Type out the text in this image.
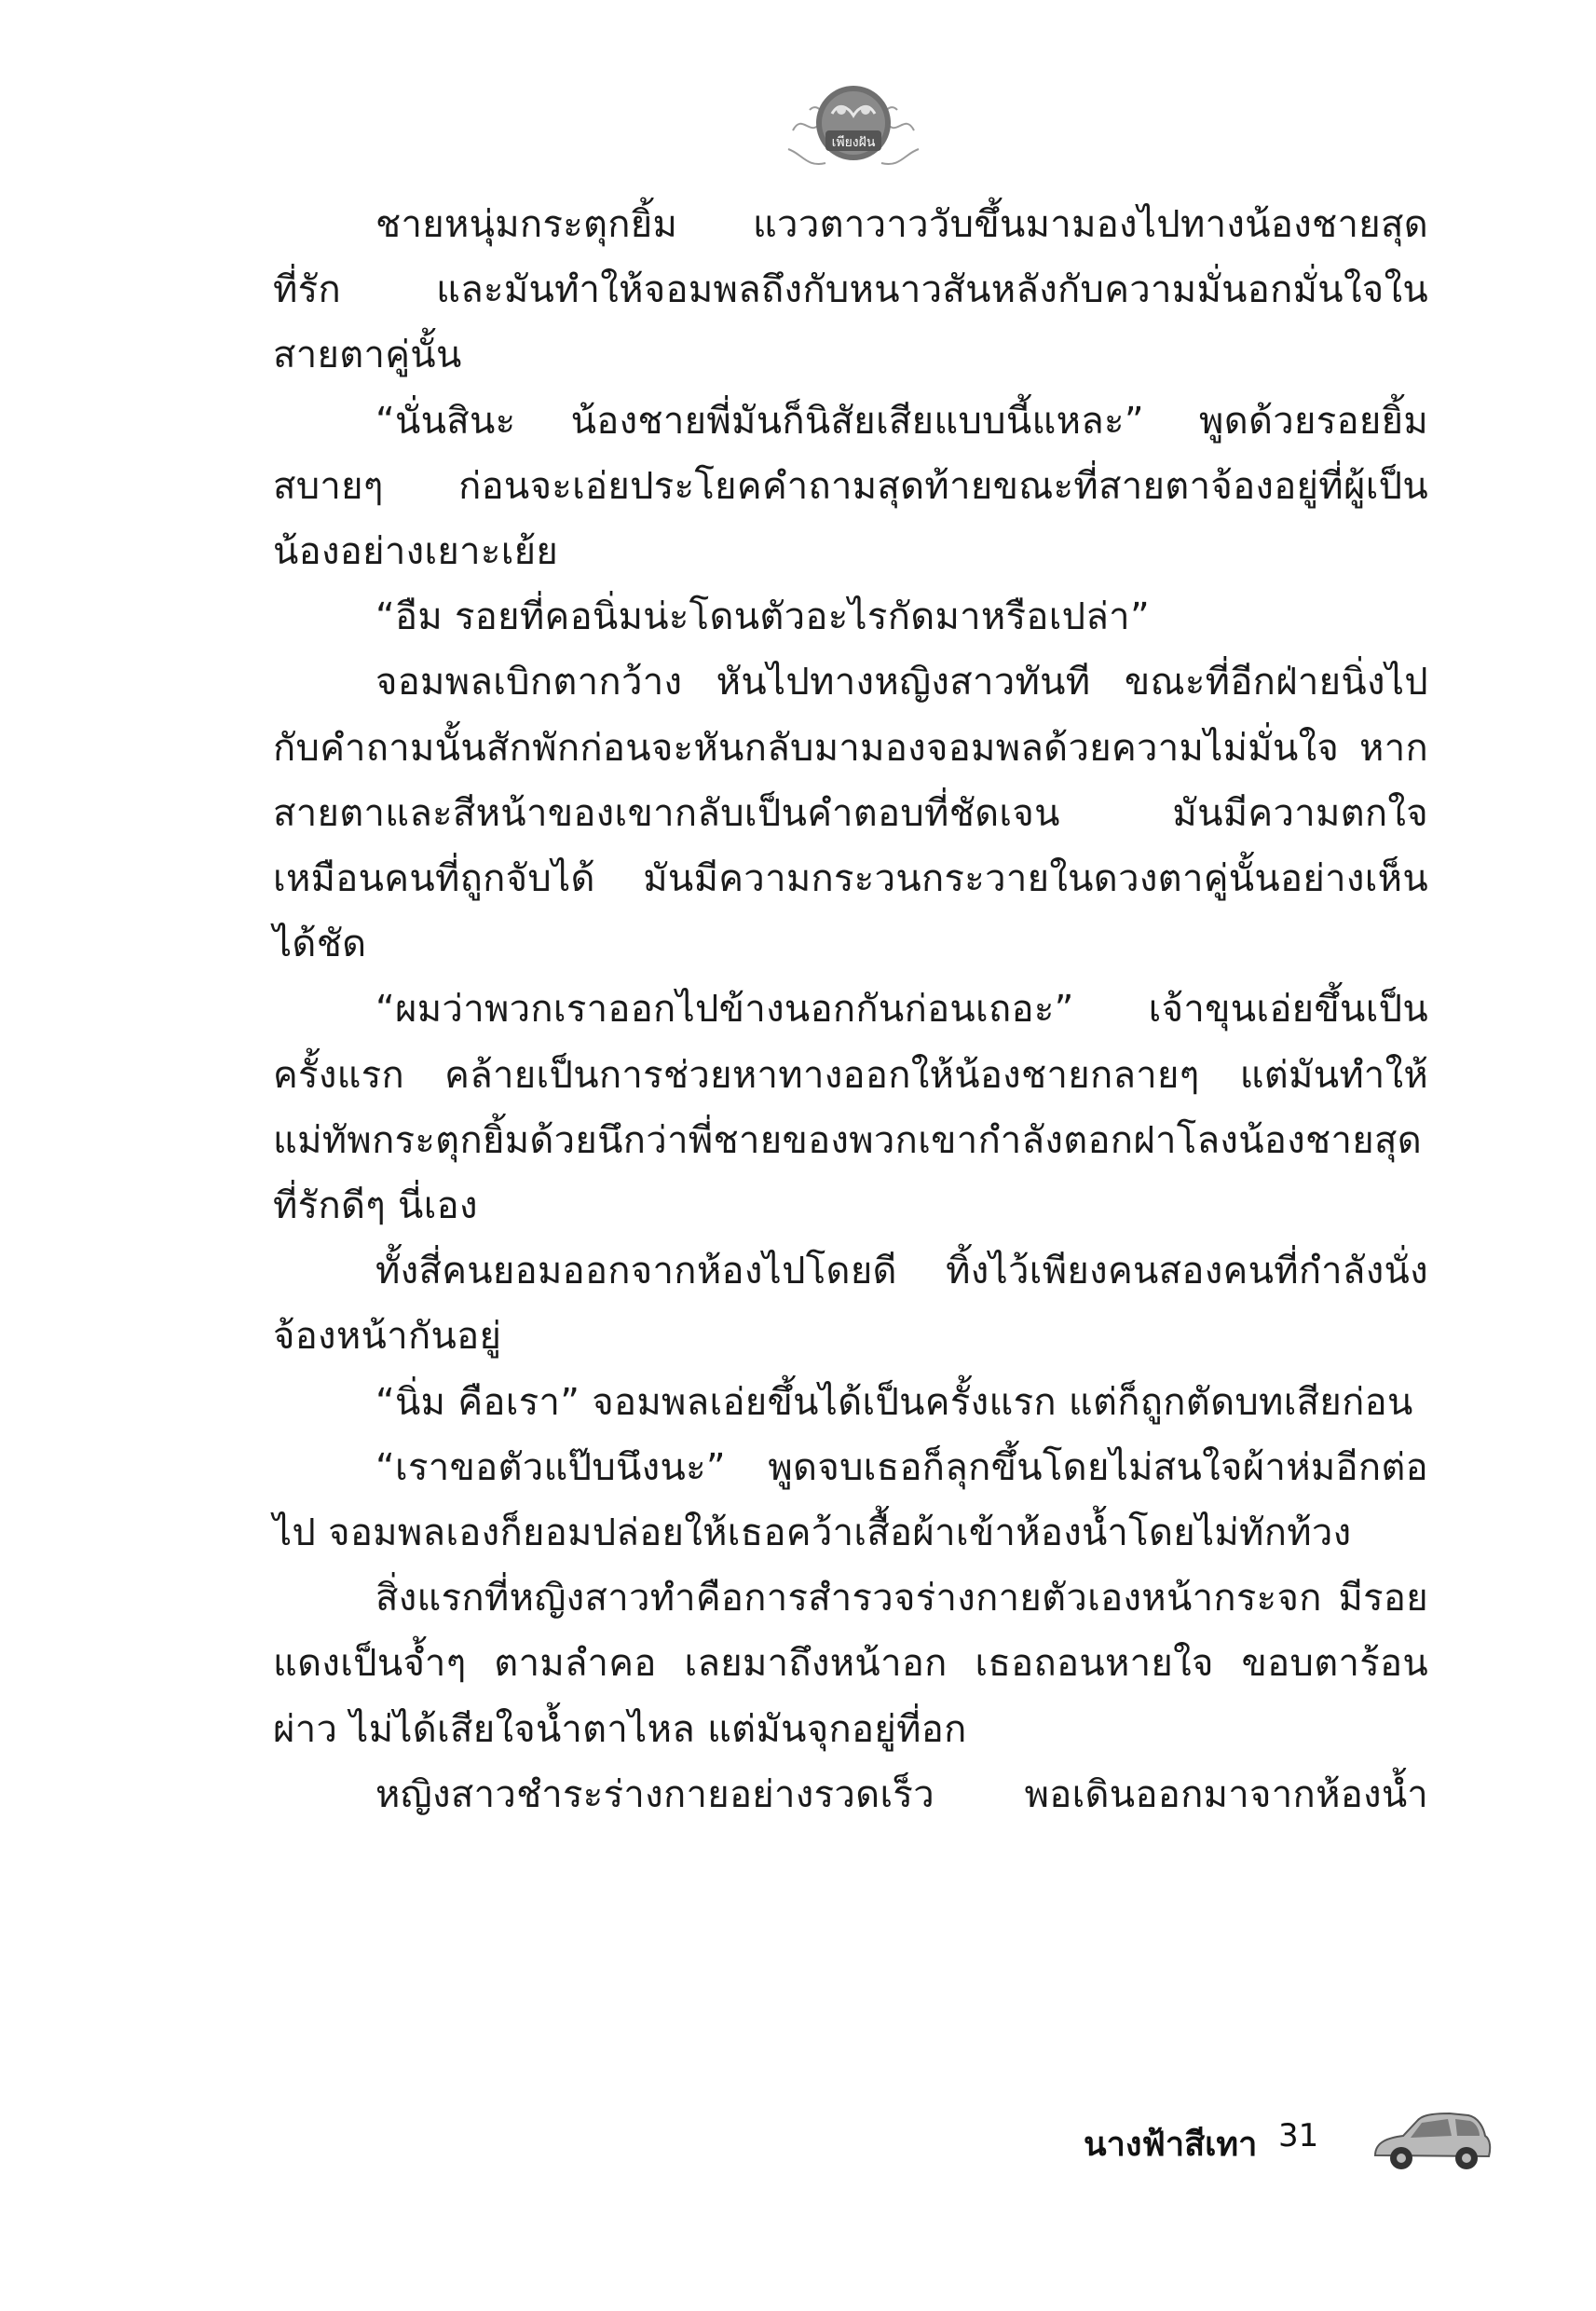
เพียงฝัน

ชายหนุ่มกระตุกยิ้ม แววตาวาววับขึ้นมามองไปทางน้องชายสุดที่รัก และมันทำให้จอมพลถึงกับหนาวสันหลังกับความมั่นอกมั่นใจในสายตาคู่นั้น

“นั่นสินะ น้องชายพี่มันก็นิสัยเสียแบบนี้แหละ” พูดด้วยรอยยิ้มสบายๆ ก่อนจะเอ่ยประโยคคำถามสุดท้ายขณะที่สายตาจ้องอยู่ที่ผู้เป็นน้องอย่างเยาะเย้ย

“อืม รอยที่คอนิ่มน่ะโดนตัวอะไรกัดมาหรือเปล่า”

จอมพลเบิกตากว้าง หันไปทางหญิงสาวทันที ขณะที่อีกฝ่ายนิ่งไปกับคำถามนั้นสักพักก่อนจะหันกลับมามองจอมพลด้วยความไม่มั่นใจ หากสายตาและสีหน้าของเขากลับเป็นคำตอบที่ชัดเจน มันมีความตกใจเหมือนคนที่ถูกจับได้ มันมีความกระวนกระวายในดวงตาคู่นั้นอย่างเห็นได้ชัด

“ผมว่าพวกเราออกไปข้างนอกกันก่อนเถอะ” เจ้าขุนเอ่ยขึ้นเป็นครั้งแรก คล้ายเป็นการช่วยหาทางออกให้น้องชายกลายๆ แต่มันทำให้แม่ทัพกระตุกยิ้มด้วยนึกว่าพี่ชายของพวกเขากำลังตอกฝาโลงน้องชายสุดที่รักดีๆ นี่เอง

ทั้งสี่คนยอมออกจากห้องไปโดยดี ทิ้งไว้เพียงคนสองคนที่กำลังนั่งจ้องหน้ากันอยู่

“นิ่ม คือเรา” จอมพลเอ่ยขึ้นได้เป็นครั้งแรก แต่ก็ถูกตัดบทเสียก่อน

“เราขอตัวแป๊บนึงนะ” พูดจบเธอก็ลุกขึ้นโดยไม่สนใจผ้าห่มอีกต่อไป จอมพลเองก็ยอมปล่อยให้เธอคว้าเสื้อผ้าเข้าห้องน้ำโดยไม่ทักท้วง

สิ่งแรกที่หญิงสาวทำคือการสำรวจร่างกายตัวเองหน้ากระจก มีรอยแดงเป็นจ้ำๆ ตามลำคอ เลยมาถึงหน้าอก เธอถอนหายใจ ขอบตาร้อนผ่าว ไม่ได้เสียใจน้ำตาไหล แต่มันจุกอยู่ที่อก

หญิงสาวชำระร่างกายอย่างรวดเร็ว พอเดินออกมาจากห้องน้ำ

นางฟ้าสีเทา 31
